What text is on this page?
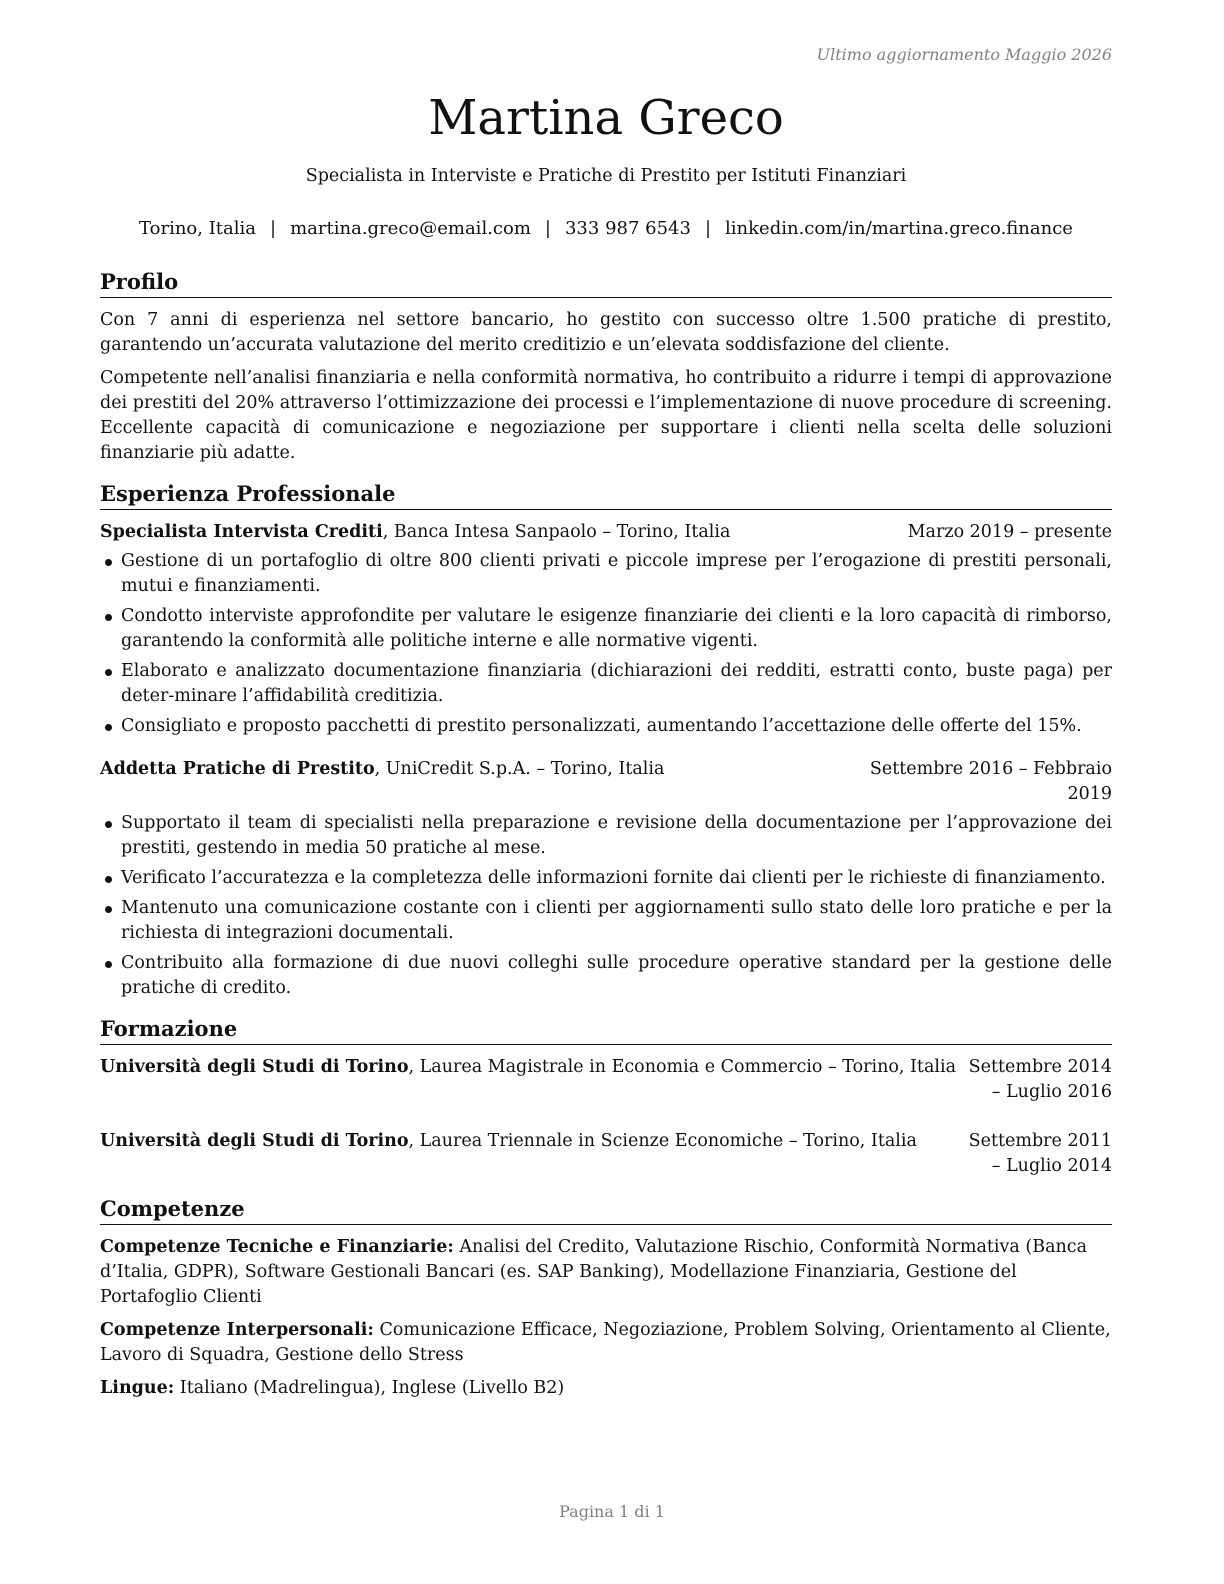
Ultimo aggiornamento Maggio 2026
Martina Greco
Specialista in Interviste e Pratiche di Prestito per Istituti Finanziari
Torino, Italia | martina.greco@email.com | 333 987 6543 | linkedin.com/in/martina.greco.finance
Profilo

Con 7 anni di esperienza nel settore bancario, ho gestito con successo oltre 1.500 pratiche di prestito, garantendo un’accurata valutazione del merito creditizio e un’elevata soddisfazione del cliente.

Competente nell’analisi finanziaria e nella conformità normativa, ho contribuito a ridurre i tempi di approvazione dei prestiti del 20% attraverso l’ottimizzazione dei processi e l’implementazione di nuove procedure di screening. Eccellente capacità di comunicazione e negoziazione per supportare i clienti nella scelta delle soluzioni finanziarie più adatte.

Esperienza Professionale
Specialista Intervista Crediti, Banca Intesa Sanpaolo – Torino, Italia	Marzo 2019 – presente
Gestione di un portafoglio di oltre 800 clienti privati e piccole imprese per l’erogazione di prestiti personali, mutui e finanziamenti.
Condotto interviste approfondite per valutare le esigenze finanziarie dei clienti e la loro capacità di rimborso, garantendo la conformità alle politiche interne e alle normative vigenti.
Elaborato e analizzato documentazione finanziaria (dichiarazioni dei redditi, estratti conto, buste paga) per deter-minare l’affidabilità creditizia.
Consigliato e proposto pacchetti di prestito personalizzati, aumentando l’accettazione delle offerte del 15%.
Addetta Pratiche di Prestito, UniCredit S.p.A. – Torino, Italia	Settembre 2016 – Febbraio 2019
Supportato il team di specialisti nella preparazione e revisione della documentazione per l’approvazione dei prestiti, gestendo in media 50 pratiche al mese.
Verificato l’accuratezza e la completezza delle informazioni fornite dai clienti per le richieste di finanziamento.
Mantenuto una comunicazione costante con i clienti per aggiornamenti sullo stato delle loro pratiche e per la richiesta di integrazioni documentali.
Contribuito alla formazione di due nuovi colleghi sulle procedure operative standard per la gestione delle pratiche di credito.
Formazione
Università degli Studi di Torino, Laurea Magistrale in Economia e Commercio – Torino, Italia Settembre 2014 – Luglio 2016
Università degli Studi di Torino, Laurea Triennale in Scienze Economiche – Torino, Italia	Settembre 2011 – Luglio 2014
Competenze
Competenze Tecniche e Finanziarie: Analisi del Credito, Valutazione Rischio, Conformità Normativa (Banca d’Italia, GDPR), Software Gestionali Bancari (es. SAP Banking), Modellazione Finanziaria, Gestione del Portafoglio Clienti
Competenze Interpersonali: Comunicazione Efficace, Negoziazione, Problem Solving, Orientamento al Cliente, Lavoro di Squadra, Gestione dello Stress
Lingue: Italiano (Madrelingua), Inglese (Livello B2)
Pagina 1 di 1
